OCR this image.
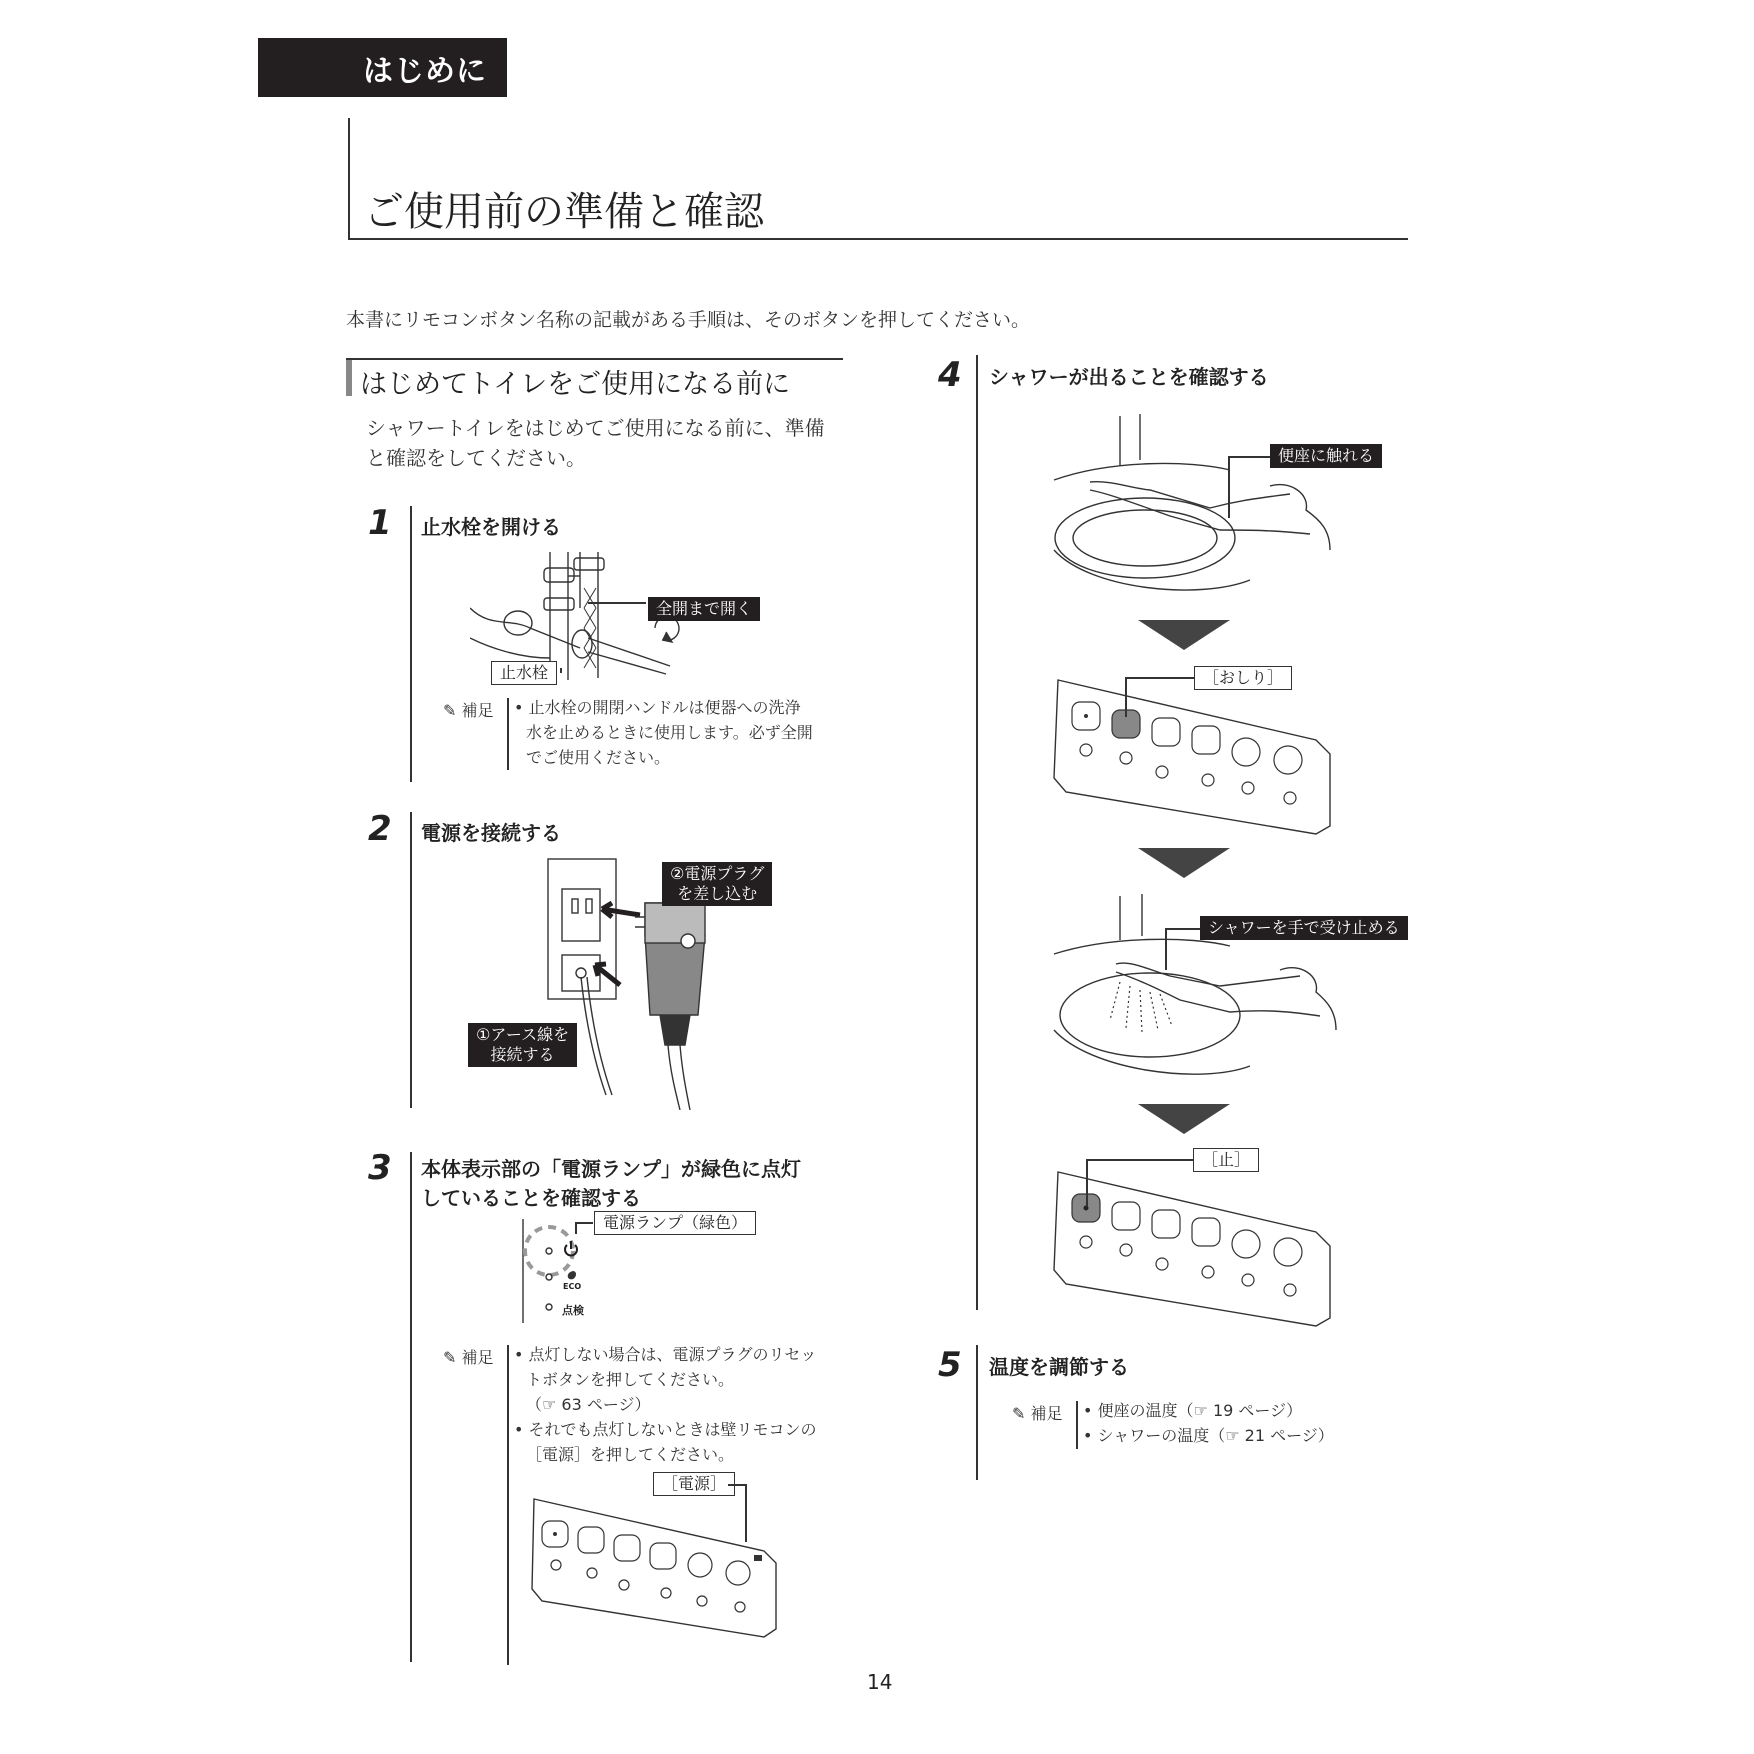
はじめに
ご使用前の準備と確認
本書にリモコンボタン名称の記載がある手順は、そのボタンを押してください。
はじめてトイレをご使用になる前に
シャワートイレをはじめてご使用になる前に、準備
と確認をしてください。
1 止水栓を開ける
全開まで開く
止水栓
✎ 補足 • 止水栓の開閉ハンドルは便器への洗浄
水を止めるときに使用します。必ず全開
でご使用ください。
2 電源を接続する
②電源プラグ
を差し込む
①アース線を
接続する
3 本体表示部の「電源ランプ」が緑色に点灯
していることを確認する
ECO
点検
電源ランプ（緑色）
✎ 補足 • 点灯しない場合は、電源プラグのリセッ
トボタンを押してください。
（☞ 63 ページ）
• それでも点灯しないときは壁リモコンの
［電源］を押してください。
［電源］
4 シャワーが出ることを確認する
便座に触れる
［おしり］
シャワーを手で受け止める
［止］
5 温度を調節する
✎ 補足 • 便座の温度（☞ 19 ページ）
• シャワーの温度（☞ 21 ページ）
14
